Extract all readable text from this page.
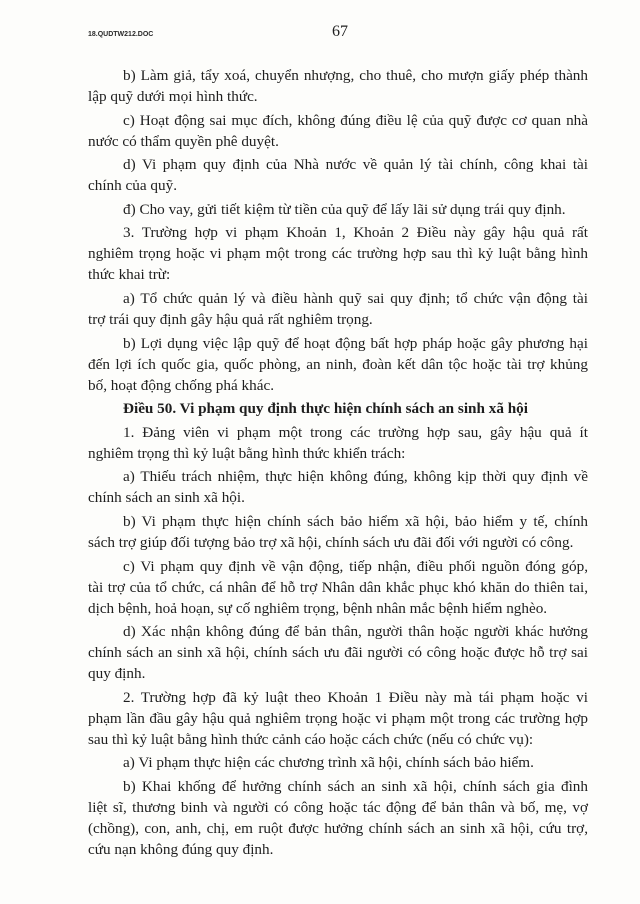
18.QUDTW212.DOC	67
b) Làm giả, tẩy xoá, chuyển nhượng, cho thuê, cho mượn giấy phép thành
lập quỹ dưới mọi hình thức.
c) Hoạt động sai mục đích, không đúng điều lệ của quỹ được cơ quan nhà
nước có thẩm quyền phê duyệt.
d) Vi phạm quy định của Nhà nước về quản lý tài chính, công khai tài
chính của quỹ.
đ) Cho vay, gửi tiết kiệm từ tiền của quỹ để lấy lãi sử dụng trái quy định.
3. Trường hợp vi phạm Khoản 1, Khoản 2 Điều này gây hậu quả rất
nghiêm trọng hoặc vi phạm một trong các trường hợp sau thì kỷ luật bằng hình
thức khai trừ:
a) Tổ chức quản lý và điều hành quỹ sai quy định; tổ chức vận động tài
trợ trái quy định gây hậu quả rất nghiêm trọng.
b) Lợi dụng việc lập quỹ để hoạt động bất hợp pháp hoặc gây phương hại
đến lợi ích quốc gia, quốc phòng, an ninh, đoàn kết dân tộc hoặc tài trợ khủng
bố, hoạt động chống phá khác.
Điều 50. Vi phạm quy định thực hiện chính sách an sinh xã hội
1. Đảng viên vi phạm một trong các trường hợp sau, gây hậu quả ít
nghiêm trọng thì kỷ luật bằng hình thức khiển trách:
a) Thiếu trách nhiệm, thực hiện không đúng, không kịp thời quy định về
chính sách an sinh xã hội.
b) Vi phạm thực hiện chính sách bảo hiểm xã hội, bảo hiểm y tế, chính
sách trợ giúp đối tượng bảo trợ xã hội, chính sách ưu đãi đối với người có công.
c) Vi phạm quy định về vận động, tiếp nhận, điều phối nguồn đóng góp,
tài trợ của tổ chức, cá nhân để hỗ trợ Nhân dân khắc phục khó khăn do thiên tai,
dịch bệnh, hoả hoạn, sự cố nghiêm trọng, bệnh nhân mắc bệnh hiểm nghèo.
d) Xác nhận không đúng để bản thân, người thân hoặc người khác hưởng
chính sách an sinh xã hội, chính sách ưu đãi người có công hoặc được hỗ trợ sai
quy định.
2. Trường hợp đã kỷ luật theo Khoản 1 Điều này mà tái phạm hoặc vi
phạm lần đầu gây hậu quả nghiêm trọng hoặc vi phạm một trong các trường hợp
sau thì kỷ luật bằng hình thức cảnh cáo hoặc cách chức (nếu có chức vụ):
a) Vi phạm thực hiện các chương trình xã hội, chính sách bảo hiểm.
b) Khai khống để hưởng chính sách an sinh xã hội, chính sách gia đình
liệt sĩ, thương binh và người có công hoặc tác động để bản thân và bố, mẹ, vợ
(chồng), con, anh, chị, em ruột được hưởng chính sách an sinh xã hội, cứu trợ,
cứu nạn không đúng quy định.
